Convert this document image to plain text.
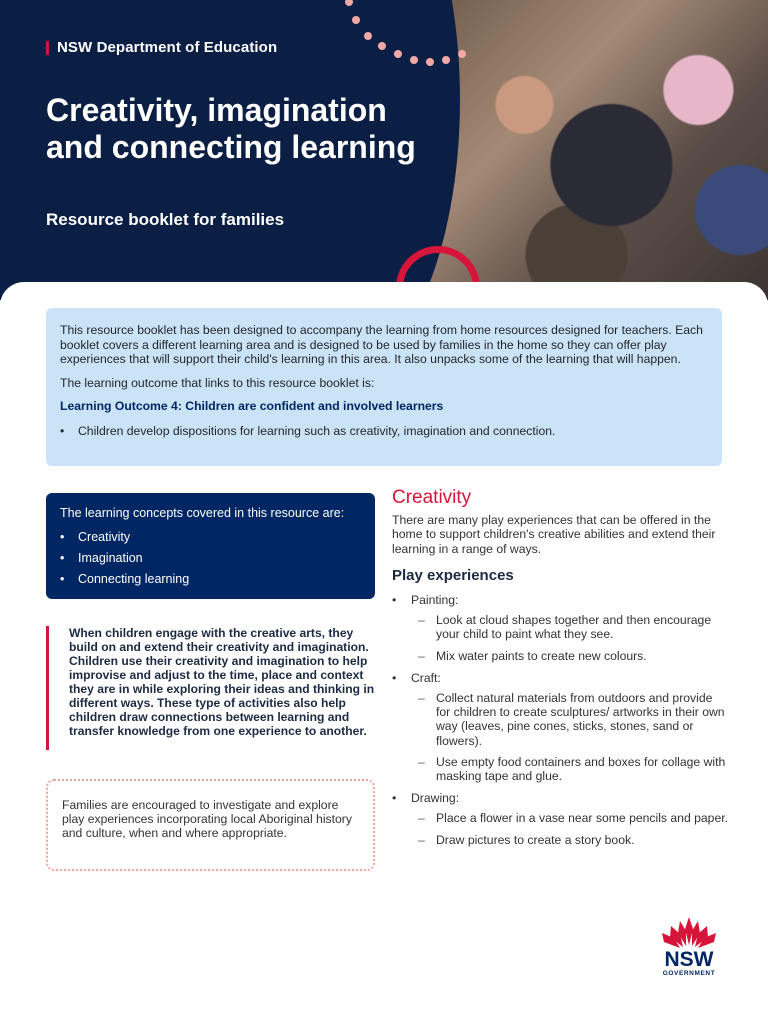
NSW Department of Education
Creativity, imagination and connecting learning

Resource booklet for families

This resource booklet has been designed to accompany the learning from home resources designed for teachers. Each booklet covers a different learning area and is designed to be used by families in the home so they can offer play experiences that will support their child's learning in this area. It also unpacks some of the learning that will happen.

The learning outcome that links to this resource booklet is:

Learning Outcome 4: Children are confident and involved learners

• Children develop dispositions for learning such as creativity, imagination and connection.

The learning concepts covered in this resource are:

• Creativity
• Imagination
• Connecting learning

When children engage with the creative arts, they build on and extend their creativity and imagination. Children use their creativity and imagination to help improvise and adjust to the time, place and context they are in while exploring their ideas and thinking in different ways. These type of activities also help children draw connections between learning and transfer knowledge from one experience to another.

Families are encouraged to investigate and explore play experiences incorporating local Aboriginal history and culture, when and where appropriate.

Creativity

There are many play experiences that can be offered in the home to support children's creative abilities and extend their learning in a range of ways.

Play experiences
• Painting:
– Look at cloud shapes together and then encourage your child to paint what they see.
– Mix water paints to create new colours.
• Craft:
– Collect natural materials from outdoors and provide for children to create sculptures/ artworks in their own way (leaves, pine cones, sticks, stones, sand or flowers).
– Use empty food containers and boxes for collage with masking tape and glue.
• Drawing:
– Place a flower in a vase near some pencils and paper.
– Draw pictures to create a story book.
NSW
GOVERNMENT
